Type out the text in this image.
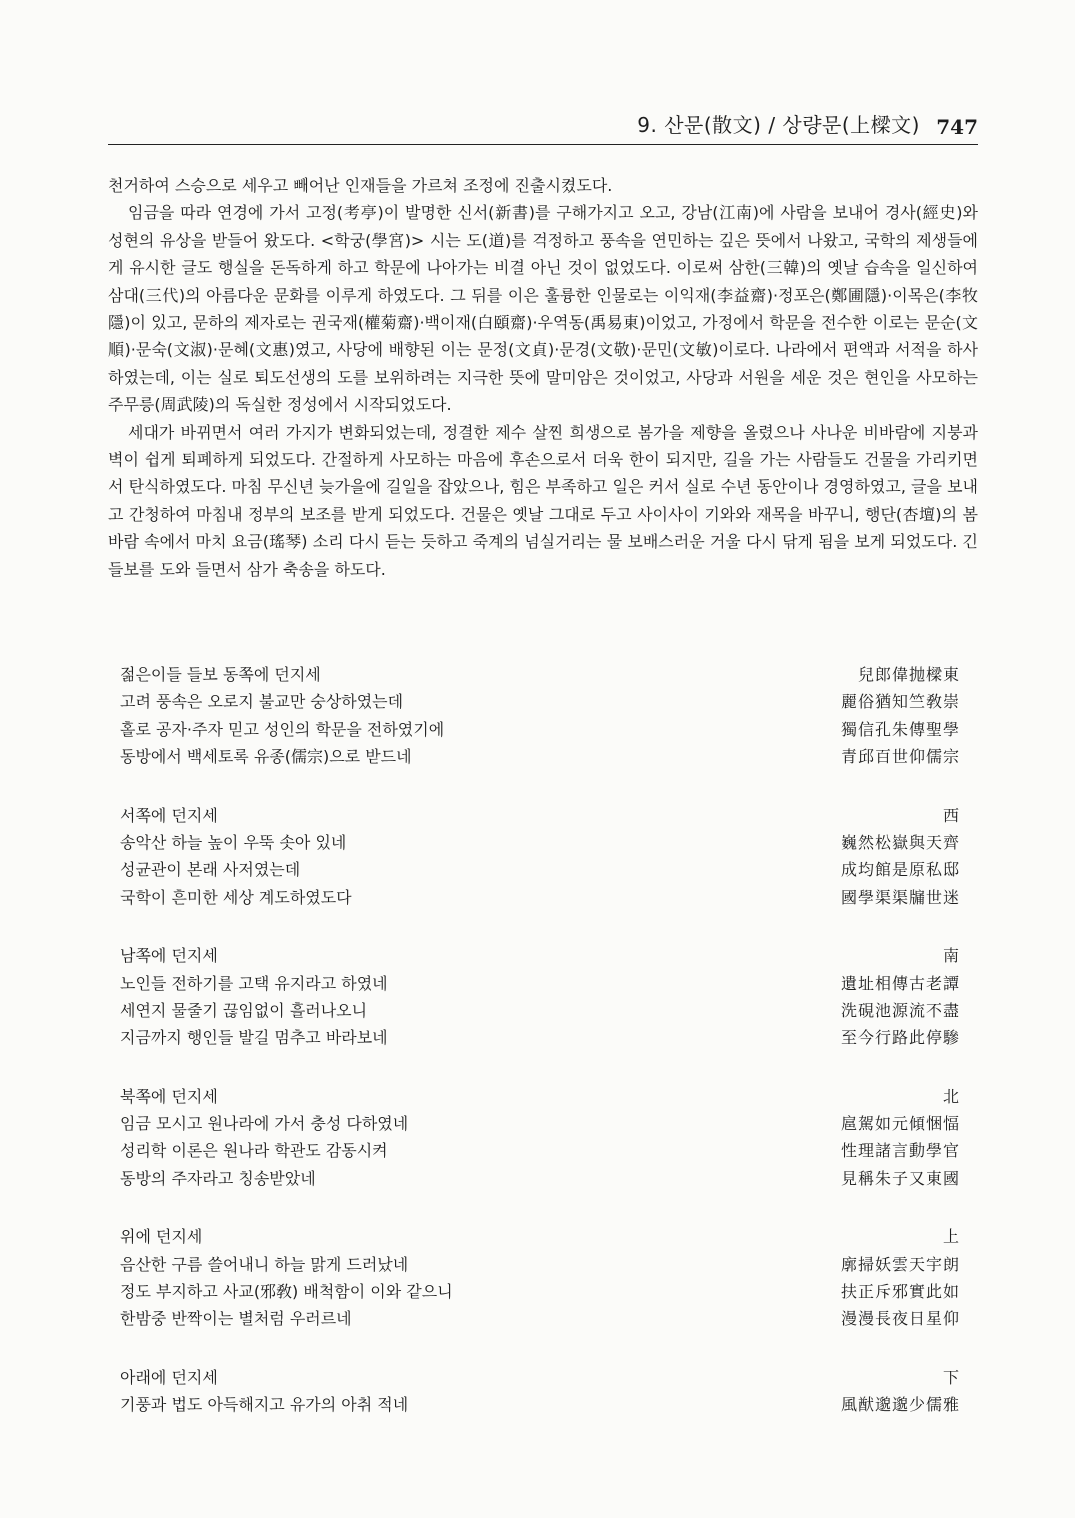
9. 산문(散文) / 상량문(上樑文) 747

천거하여 스승으로 세우고 빼어난 인재들을 가르쳐 조정에 진출시켰도다.

임금을 따라 연경에 가서 고정(考亭)이 발명한 신서(新書)를 구해가지고 오고, 강남(江南)에 사람을 보내어 경사(經史)와 성현의 유상을 받들어 왔도다. <학궁(學宮)> 시는 도(道)를 걱정하고 풍속을 연민하는 깊은 뜻에서 나왔고, 국학의 제생들에게 유시한 글도 행실을 돈독하게 하고 학문에 나아가는 비결 아닌 것이 없었도다. 이로써 삼한(三韓)의 옛날 습속을 일신하여 삼대(三代)의 아름다운 문화를 이루게 하였도다. 그 뒤를 이은 훌륭한 인물로는 이익재(李益齋)·정포은(鄭圃隱)·이목은(李牧隱)이 있고, 문하의 제자로는 권국재(權菊齋)·백이재(白頤齋)·우역동(禹易東)이었고, 가정에서 학문을 전수한 이로는 문순(文順)·문숙(文淑)·문혜(文惠)였고, 사당에 배향된 이는 문정(文貞)·문경(文敬)·문민(文敏)이로다. 나라에서 편액과 서적을 하사하였는데, 이는 실로 퇴도선생의 도를 보위하려는 지극한 뜻에 말미암은 것이었고, 사당과 서원을 세운 것은 현인을 사모하는 주무릉(周武陵)의 독실한 정성에서 시작되었도다.

세대가 바뀌면서 여러 가지가 변화되었는데, 정결한 제수 살찐 희생으로 봄가을 제향을 올렸으나 사나운 비바람에 지붕과 벽이 쉽게 퇴폐하게 되었도다. 간절하게 사모하는 마음에 후손으로서 더욱 한이 되지만, 길을 가는 사람들도 건물을 가리키면서 탄식하였도다. 마침 무신년 늦가을에 길일을 잡았으나, 힘은 부족하고 일은 커서 실로 수년 동안이나 경영하였고, 글을 보내고 간청하여 마침내 정부의 보조를 받게 되었도다. 건물은 옛날 그대로 두고 사이사이 기와와 재목을 바꾸니, 행단(杏壇)의 봄바람 속에서 마치 요금(瑤琴) 소리 다시 듣는 듯하고 죽계의 넘실거리는 물 보배스러운 거울 다시 닦게 됨을 보게 되었도다. 긴 들보를 도와 들면서 삼가 축송을 하도다.

젊은이들 들보 동쪽에 던지세	兒郎偉抛樑東
고려 풍속은 오로지 불교만 숭상하였는데	麗俗猶知竺敎崇
홀로 공자·주자 믿고 성인의 학문을 전하였기에	獨信孔朱傳聖學
동방에서 백세토록 유종(儒宗)으로 받드네	青邱百世仰儒宗
서쪽에 던지세	西
송악산 하늘 높이 우뚝 솟아 있네	巍然松嶽與天齊
성균관이 본래 사저였는데	成均館是原私邸
국학이 흔미한 세상 계도하였도다	國學渠渠牖世迷
남쪽에 던지세	南
노인들 전하기를 고택 유지라고 하였네	遺址相傳古老譚
세연지 물줄기 끊임없이 흘러나오니	洗硯池源流不盡
지금까지 행인들 발길 멈추고 바라보네	至今行路此停驂
북쪽에 던지세	北
임금 모시고 원나라에 가서 충성 다하였네	扈駕如元傾悃愊
성리학 이론은 원나라 학관도 감동시켜	性理諸言動學官
동방의 주자라고 칭송받았네	見稱朱子又東國
위에 던지세	上
음산한 구름 쓸어내니 하늘 맑게 드러났네	廓掃妖雲天宇朗
정도 부지하고 사교(邪敎) 배척함이 이와 같으니	扶正斥邪實此如
한밤중 반짝이는 별처럼 우러르네	漫漫長夜日星仰
아래에 던지세	下
기풍과 법도 아득해지고 유가의 아취 적네	風猷邈邈少儒雅
